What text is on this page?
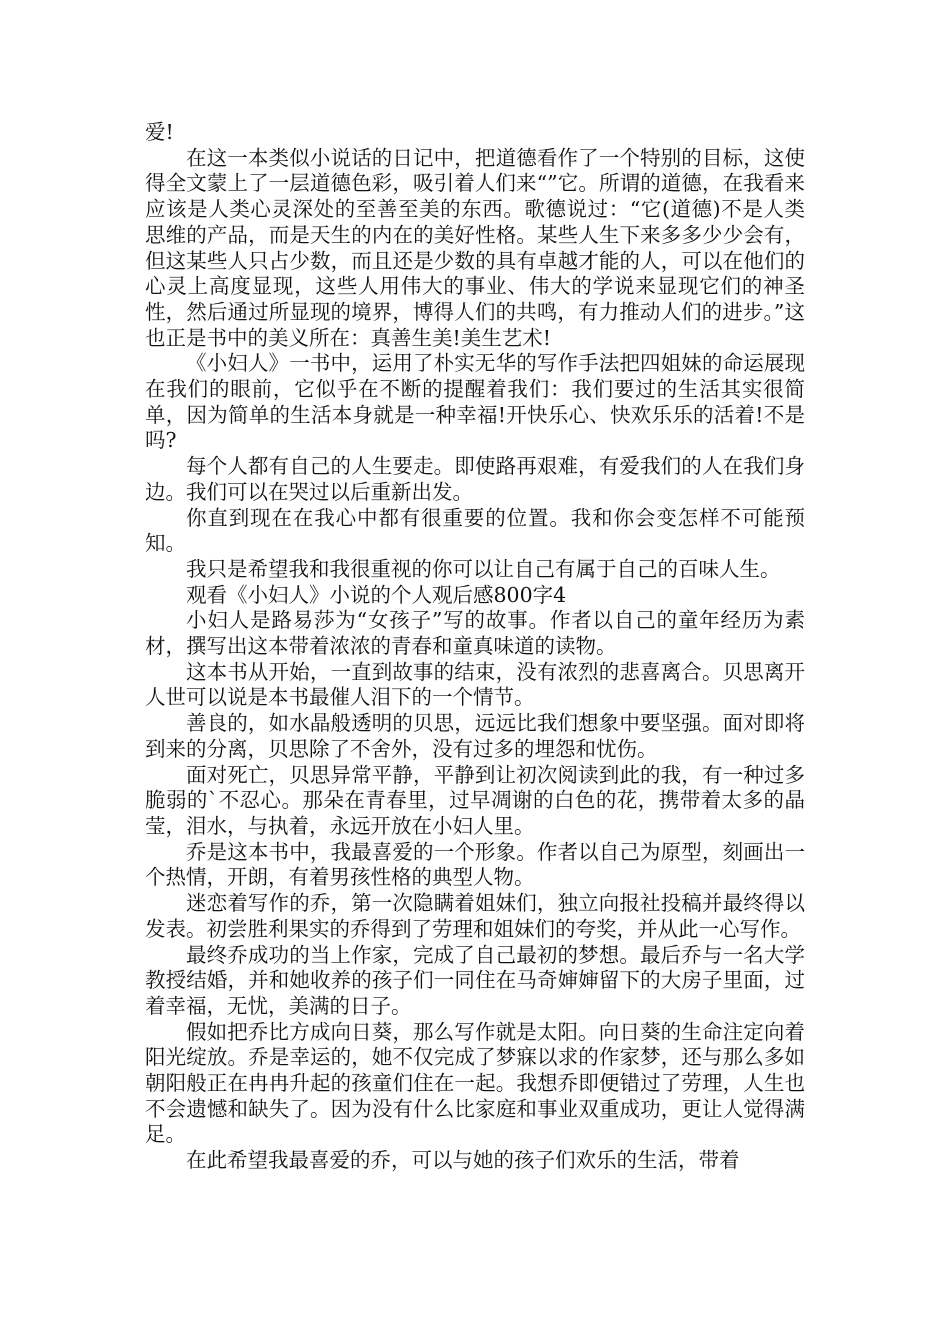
爱!

在这一本类似小说话的日记中，把道德看作了一个特别的目标，这使得全文蒙上了一层道德色彩，吸引着人们来“”它。所谓的道德，在我看来应该是人类心灵深处的至善至美的东西。歌德说过：“它(道德)不是人类思维的产品，而是天生的内在的美好性格。某些人生下来多多少少会有，但这某些人只占少数，而且还是少数的具有卓越才能的人，可以在他们的心灵上高度显现，这些人用伟大的事业、伟大的学说来显现它们的神圣性，然后通过所显现的境界，博得人们的共鸣，有力推动人们的进步。”这也正是书中的美义所在：真善生美!美生艺术!

《小妇人》一书中，运用了朴实无华的写作手法把四姐妹的命运展现在我们的眼前，它似乎在不断的提醒着我们：我们要过的生活其实很简单，因为简单的生活本身就是一种幸福!开快乐心、快欢乐乐的活着!不是吗?

每个人都有自己的人生要走。即使路再艰难，有爱我们的人在我们身边。我们可以在哭过以后重新出发。

你直到现在在我心中都有很重要的位置。我和你会变怎样不可能预知。

我只是希望我和我很重视的你可以让自己有属于自己的百味人生。

观看《小妇人》小说的个人观后感800字4

小妇人是路易莎为“女孩子”写的故事。作者以自己的童年经历为素材，撰写出这本带着浓浓的青春和童真味道的读物。

这本书从开始，一直到故事的结束，没有浓烈的悲喜离合。贝思离开人世可以说是本书最催人泪下的一个情节。

善良的，如水晶般透明的贝思，远远比我们想象中要坚强。面对即将到来的分离，贝思除了不舍外，没有过多的埋怨和忧伤。

面对死亡，贝思异常平静，平静到让初次阅读到此的我，有一种过多脆弱的`不忍心。那朵在青春里，过早凋谢的白色的花，携带着太多的晶莹，泪水，与执着，永远开放在小妇人里。

乔是这本书中，我最喜爱的一个形象。作者以自己为原型，刻画出一个热情，开朗，有着男孩性格的典型人物。

迷恋着写作的乔，第一次隐瞒着姐妹们，独立向报社投稿并最终得以发表。初尝胜利果实的乔得到了劳理和姐妹们的夸奖，并从此一心写作。

最终乔成功的当上作家，完成了自己最初的梦想。最后乔与一名大学教授结婚，并和她收养的孩子们一同住在马奇婶婶留下的大房子里面，过着幸福，无忧，美满的日子。

假如把乔比方成向日葵，那么写作就是太阳。向日葵的生命注定向着阳光绽放。乔是幸运的，她不仅完成了梦寐以求的作家梦，还与那么多如朝阳般正在冉冉升起的孩童们住在一起。我想乔即便错过了劳理，人生也不会遗憾和缺失了。因为没有什么比家庭和事业双重成功，更让人觉得满足。

在此希望我最喜爱的乔，可以与她的孩子们欢乐的生活，带着
